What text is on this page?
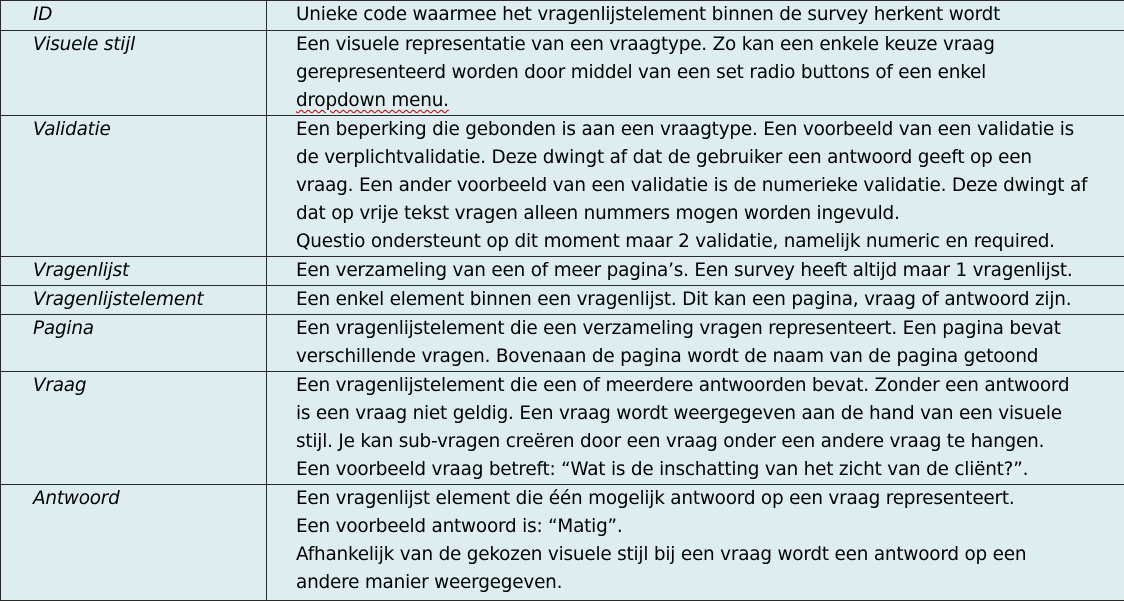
ID	Unieke code waarmee het vragenlijstelement binnen de survey herkent wordt

Visuele stijl	Een visuele representatie van een vraagtype. Zo kan een enkele keuze vraag
gerepresenteerd worden door middel van een set radio buttons of een enkel
dropdown menu.

Validatie	Een beperking die gebonden is aan een vraagtype. Een voorbeeld van een validatie is
de verplichtvalidatie. Deze dwingt af dat de gebruiker een antwoord geeft op een
vraag. Een ander voorbeeld van een validatie is de numerieke validatie. Deze dwingt af
dat op vrije tekst vragen alleen nummers mogen worden ingevuld.
Questio ondersteunt op dit moment maar 2 validatie, namelijk numeric en required.

Vragenlijst	Een verzameling van een of meer pagina’s. Een survey heeft altijd maar 1 vragenlijst.

Vragenlijstelement	Een enkel element binnen een vragenlijst. Dit kan een pagina, vraag of antwoord zijn.

Pagina	Een vragenlijstelement die een verzameling vragen representeert. Een pagina bevat
verschillende vragen. Bovenaan de pagina wordt de naam van de pagina getoond

Vraag	Een vragenlijstelement die een of meerdere antwoorden bevat. Zonder een antwoord
is een vraag niet geldig. Een vraag wordt weergegeven aan de hand van een visuele
stijl. Je kan sub-vragen creëren door een vraag onder een andere vraag te hangen.
Een voorbeeld vraag betreft: “Wat is de inschatting van het zicht van de cliënt?”.

Antwoord	Een vragenlijst element die één mogelijk antwoord op een vraag representeert.
Een voorbeeld antwoord is: “Matig”.
Afhankelijk van de gekozen visuele stijl bij een vraag wordt een antwoord op een
andere manier weergegeven.
